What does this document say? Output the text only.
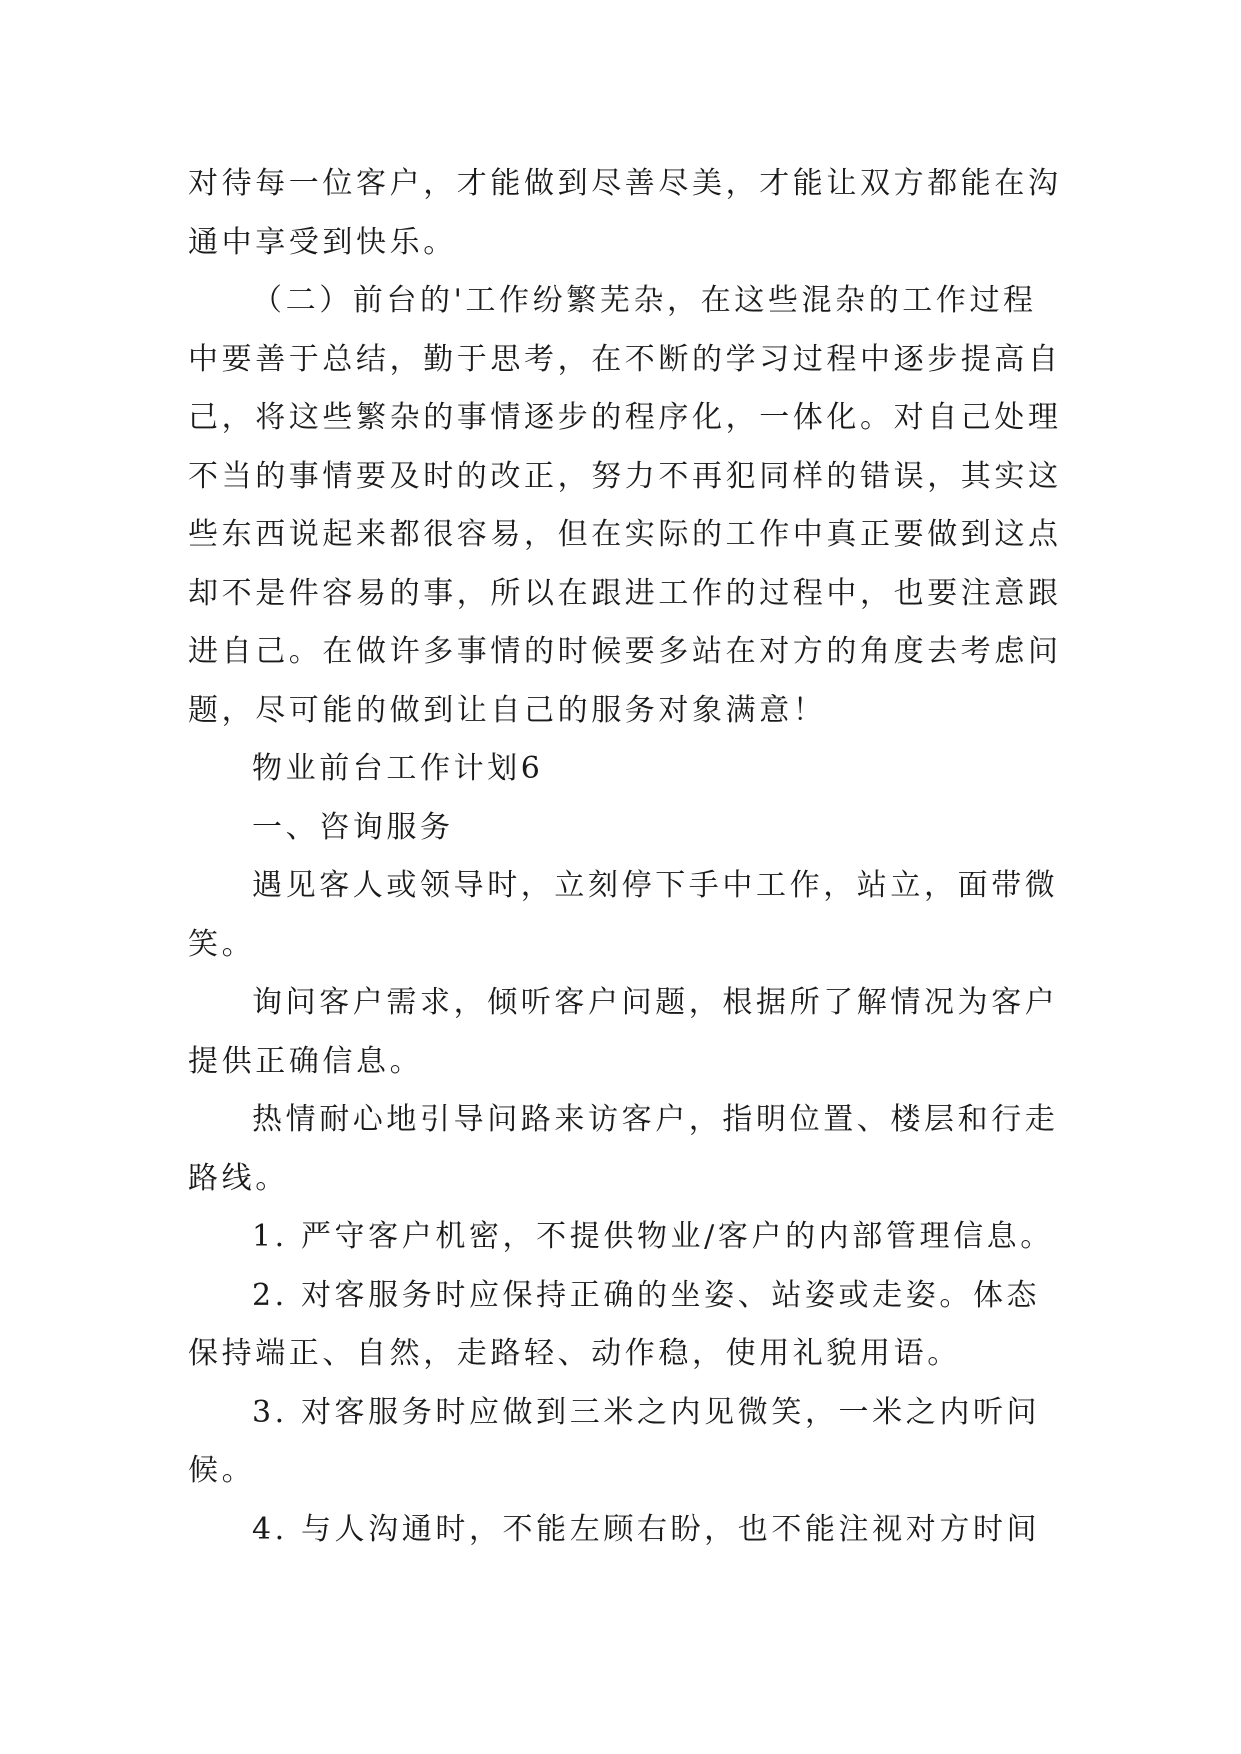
对待每一位客户，才能做到尽善尽美，才能让双方都能在沟
通中享受到快乐。
（二）前台的'工作纷繁芜杂，在这些混杂的工作过程
中要善于总结，勤于思考，在不断的学习过程中逐步提高自
己，将这些繁杂的事情逐步的程序化，一体化。对自己处理
不当的事情要及时的改正，努力不再犯同样的错误，其实这
些东西说起来都很容易，但在实际的工作中真正要做到这点
却不是件容易的事，所以在跟进工作的过程中，也要注意跟
进自己。在做许多事情的时候要多站在对方的角度去考虑问
题，尽可能的做到让自己的服务对象满意！
物业前台工作计划6
一、咨询服务
遇见客人或领导时，立刻停下手中工作，站立，面带微
笑。
询问客户需求，倾听客户问题，根据所了解情况为客户
提供正确信息。
热情耐心地引导问路来访客户，指明位置、楼层和行走
路线。
1. 严守客户机密，不提供物业/客户的内部管理信息。
2. 对客服务时应保持正确的坐姿、站姿或走姿。体态
保持端正、自然，走路轻、动作稳，使用礼貌用语。
3. 对客服务时应做到三米之内见微笑，一米之内听问
候。
4. 与人沟通时，不能左顾右盼，也不能注视对方时间
